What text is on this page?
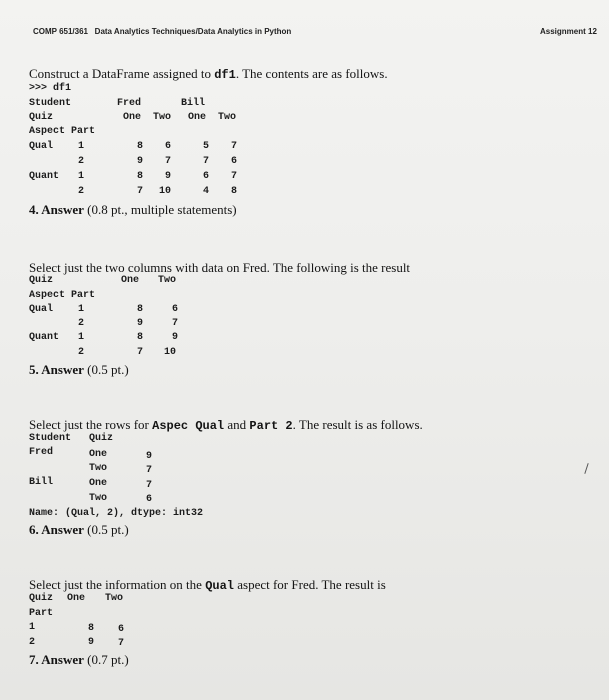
COMP 651/361   Data Analytics Techniques/Data Analytics in Python	Assignment 12
Construct a DataFrame assigned to df1. The contents are as follows.
>>> df1
Student	Fred	Bill
Quiz	One  Two One  Two
Aspect Part
Qual 1	8 6	5 7
2	9 7	7 6
Quant 1	8 9	6 7
2	7 10	4 8
4. Answer (0.8 pt., multiple statements)
Select just the two columns with data on Fred. The following is the result
Quiz	One Two
Aspect Part
Qual 1	8	6
2	9	7
Quant 1	8	9
2	7 10
5. Answer (0.5 pt.)
Select just the rows for Aspec Qual and Part 2. The result is as follows.
Student Quiz
Fred	One	9
Two	7
Bill	One	7
Two	6
Name: (Qual, 2), dtype: int32
6. Answer (0.5 pt.)
Select just the information on the Qual aspect for Fred. The result is
Quiz One Two
Part
1	8 6
2	9 7
7. Answer (0.7 pt.)
